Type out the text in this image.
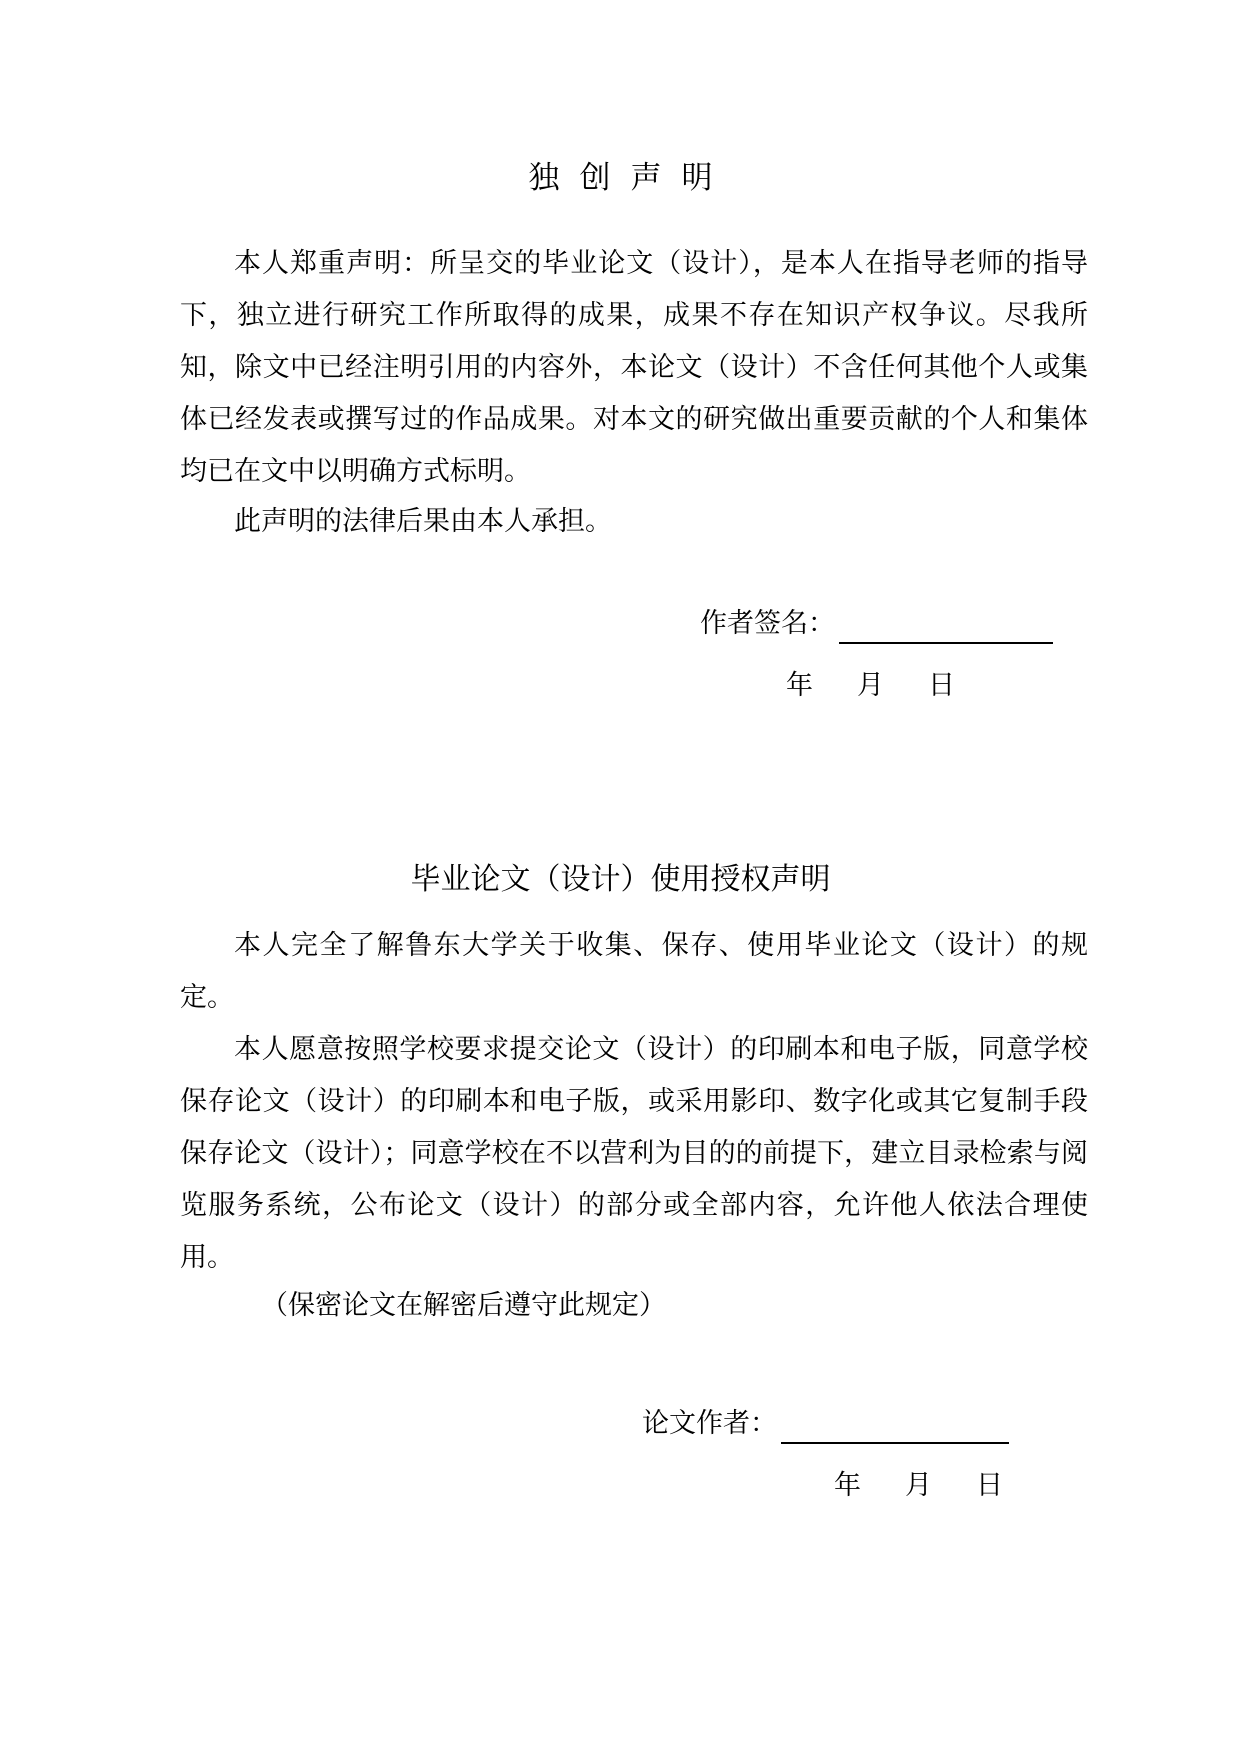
独创声明

本人郑重声明：所呈交的毕业论文（设计），是本人在指导老师的指导下，独立进行研究工作所取得的成果，成果不存在知识产权争议。尽我所知，除文中已经注明引用的内容外，本论文（设计）不含任何其他个人或集体已经发表或撰写过的作品成果。对本文的研究做出重要贡献的个人和集体均已在文中以明确方式标明。

此声明的法律后果由本人承担。

作者签名：
年 月 日
毕业论文（设计）使用授权声明

本人完全了解鲁东大学关于收集、保存、使用毕业论文（设计）的规定。

本人愿意按照学校要求提交论文（设计）的印刷本和电子版，同意学校保存论文（设计）的印刷本和电子版，或采用影印、数字化或其它复制手段保存论文（设计）；同意学校在不以营利为目的的前提下，建立目录检索与阅览服务系统，公布论文（设计）的部分或全部内容，允许他人依法合理使用。

（保密论文在解密后遵守此规定）

论文作者：
年 月 日
